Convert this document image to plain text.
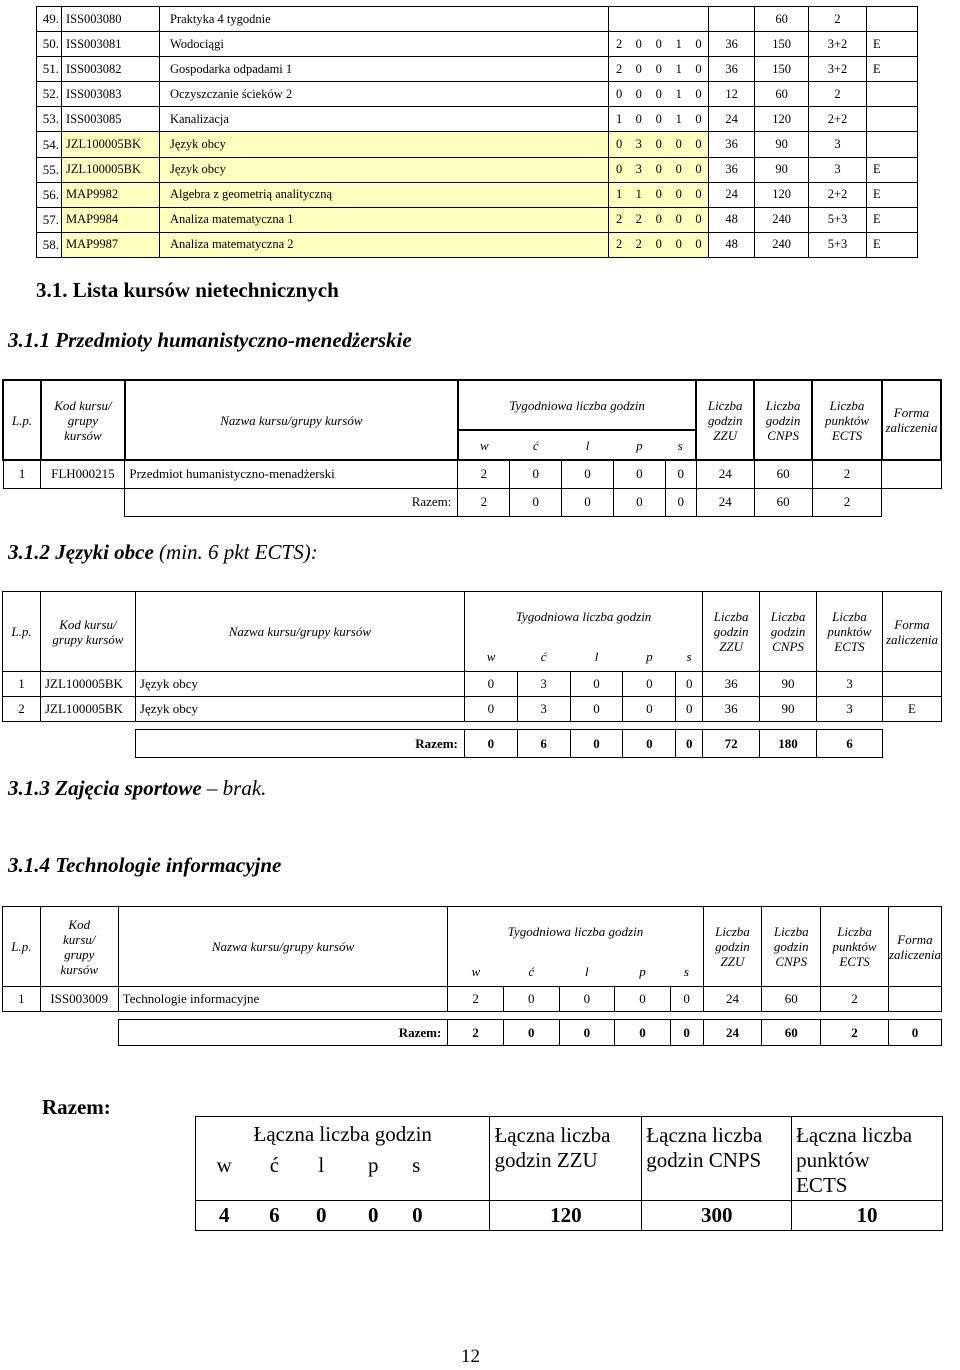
49.	ISS003080	Praktyka 4 tygodnie							60	2	
50.	ISS003081	Wodociągi	2	0	0	1	0	36	150	3+2	E
51.	ISS003082	Gospodarka odpadami 1	2	0	0	1	0	36	150	3+2	E
52.	ISS003083	Oczyszczanie ścieków 2	0	0	0	1	0	12	60	2	
53.	ISS003085	Kanalizacja	1	0	0	1	0	24	120	2+2	
54.	JZL100005BK	Język obcy	0	3	0	0	0	36	90	3	
55.	JZL100005BK	Język obcy	0	3	0	0	0	36	90	3	E
56.	MAP9982	Algebra z geometrią analityczną	1	1	0	0	0	24	120	2+2	E
57.	MAP9984	Analiza matematyczna 1	2	2	0	0	0	48	240	5+3	E
58.	MAP9987	Analiza matematyczna 2	2	2	0	0	0	48	240	5+3	E
3.1. Lista kursów nietechnicznych
3.1.1 Przedmioty humanistyczno-menedżerskie
L.p.	Kod kursu/
grupy
kursów	Nazwa kursu/grupy kursów	Tygodniowa liczba godzin					Liczba
godzin
ZZU	Liczba
godzin
CNPS	Liczba
punktów
ECTS	Forma
zaliczenia
			w	ć	l	p	s				
1	FLH000215	Przedmiot humanistyczno-menadżerski	2	0	0	0	0	24	60	2	
		Razem:	2	0	0	0	0	24	60	2	
3.1.2 Języki obce (min. 6 pkt ECTS):
L.p.	Kod kursu/
grupy kursów	Nazwa kursu/grupy kursów	Tygodniowa liczba godzin					Liczba
godzin
ZZU	Liczba
godzin
CNPS	Liczba
punktów
ECTS	Forma
zaliczenia
			w	ć	l	p	s				
1	JZL100005BK	Język obcy	0	3	0	0	0	36	90	3	
2	JZL100005BK	Język obcy	0	3	0	0	0	36	90	3	E

		Razem:	0	6	0	0	0	72	180	6	
3.1.3 Zajęcia sportowe – brak.
3.1.4 Technologie informacyjne
L.p.	Kod
kursu/
grupy
kursów	Nazwa kursu/grupy kursów	Tygodniowa liczba godzin					Liczba
godzin
ZZU	Liczba
godzin
CNPS	Liczba
punktów
ECTS	Forma
zaliczenia
			w	ć	l	p	s				
1	ISS003009	Technologie informacyjne	2	0	0	0	0	24	60	2	

		Razem:	2	0	0	0	0	24	60	2	0
Razem:
Łączna liczba godzin					Łączna liczba
godzin ZZU	Łączna liczba
godzin CNPS	Łączna liczba
punktów
ECTS
w	ć	l	p	s			
4	6	0	0	0	120	300	10
12
